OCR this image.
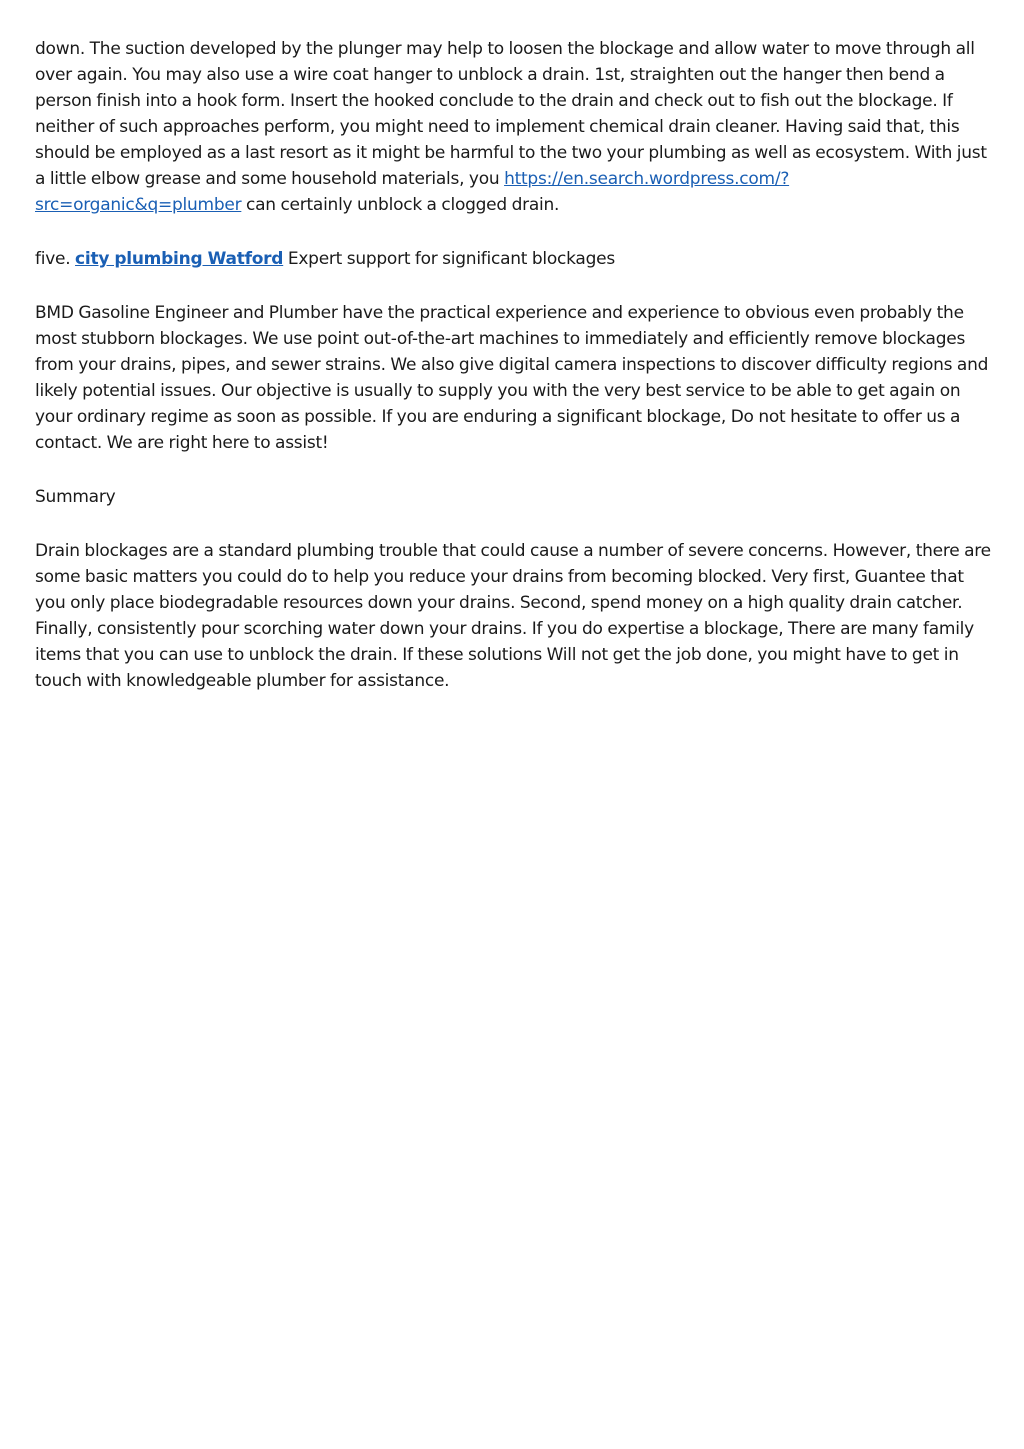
down. The suction developed by the plunger may help to loosen the blockage and allow water to move through all over again. You may also use a wire coat hanger to unblock a drain. 1st, straighten out the hanger then bend a person finish into a hook form. Insert the hooked conclude to the drain and check out to fish out the blockage. If neither of such approaches perform, you might need to implement chemical drain cleaner. Having said that, this should be employed as a last resort as it might be harmful to the two your plumbing as well as ecosystem. With just a little elbow grease and some household materials, you https://en.search.wordpress.com/?src=organic&q=plumber can certainly unblock a clogged drain.

five. city plumbing Watford Expert support for significant blockages

BMD Gasoline Engineer and Plumber have the practical experience and experience to obvious even probably the most stubborn blockages. We use point out-of-the-art machines to immediately and efficiently remove blockages from your drains, pipes, and sewer strains. We also give digital camera inspections to discover difficulty regions and likely potential issues. Our objective is usually to supply you with the very best service to be able to get again on your ordinary regime as soon as possible. If you are enduring a significant blockage, Do not hesitate to offer us a contact. We are right here to assist!

Summary

Drain blockages are a standard plumbing trouble that could cause a number of severe concerns. However, there are some basic matters you could do to help you reduce your drains from becoming blocked. Very first, Guantee that you only place biodegradable resources down your drains. Second, spend money on a high quality drain catcher. Finally, consistently pour scorching water down your drains. If you do expertise a blockage, There are many family items that you can use to unblock the drain. If these solutions Will not get the job done, you might have to get in touch with knowledgeable plumber for assistance.
